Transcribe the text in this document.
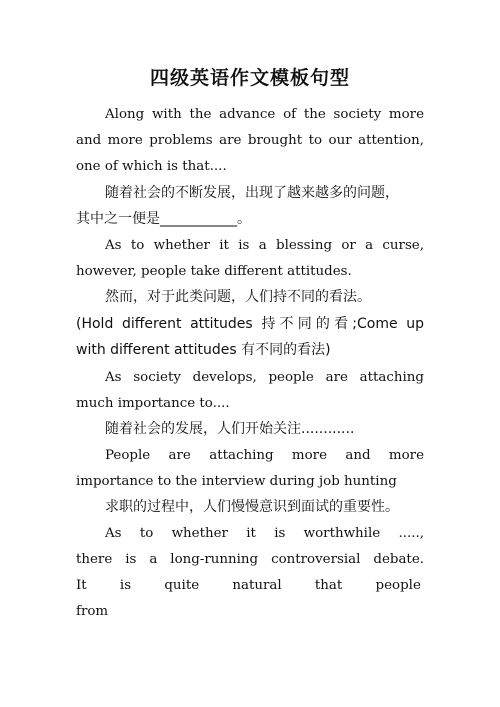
四级英语作文模板句型

Along with the advance of the society more and more problems are brought to our attention, one of which is that....

随着社会的不断发展，出现了越来越多的问题，
其中之一便是___________。

As to whether it is a blessing or a curse, however, people take different attitudes.

然而，对于此类问题，人们持不同的看法。
(Hold different attitudes 持不同的看;Come up
with different attitudes 有不同的看法)

As society develops, people are attaching much importance to....

随着社会的发展，人们开始关注............

People are attaching more and more importance to the interview during job hunting

求职的过程中，人们慢慢意识到面试的重要性。
As to whether it is worthwhile .....,
there is a long-running controversial debate.
It is quite natural that people from
